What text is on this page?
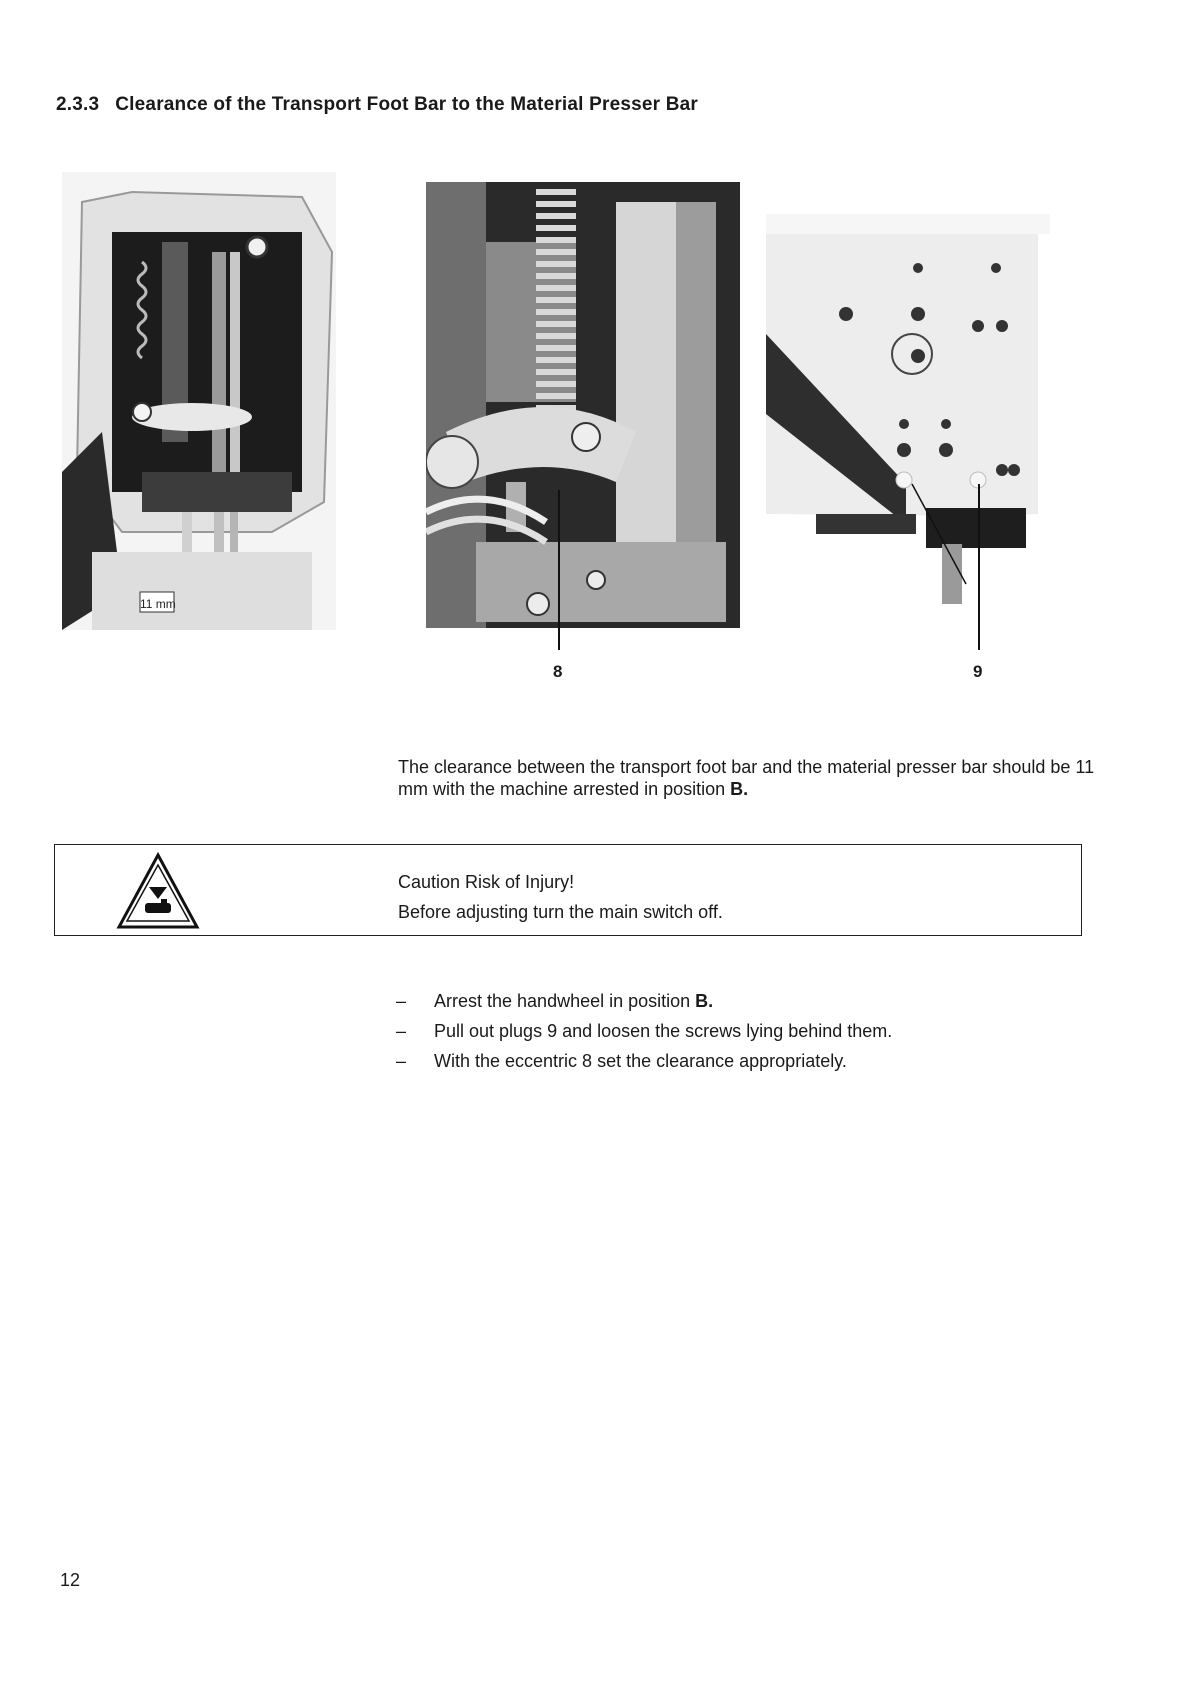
2.3.3 Clearance of the Transport Foot Bar to the Material Presser Bar
11 mm
8	9
The clearance between the transport foot bar and the material presser bar should be 11 mm with the machine arrested in position B.
Caution Risk of Injury!
Before adjusting turn the main switch off.
– Arrest the handwheel in position B.
– Pull out plugs 9 and loosen the screws lying behind them.
– With the eccentric 8 set the clearance appropriately.
12
